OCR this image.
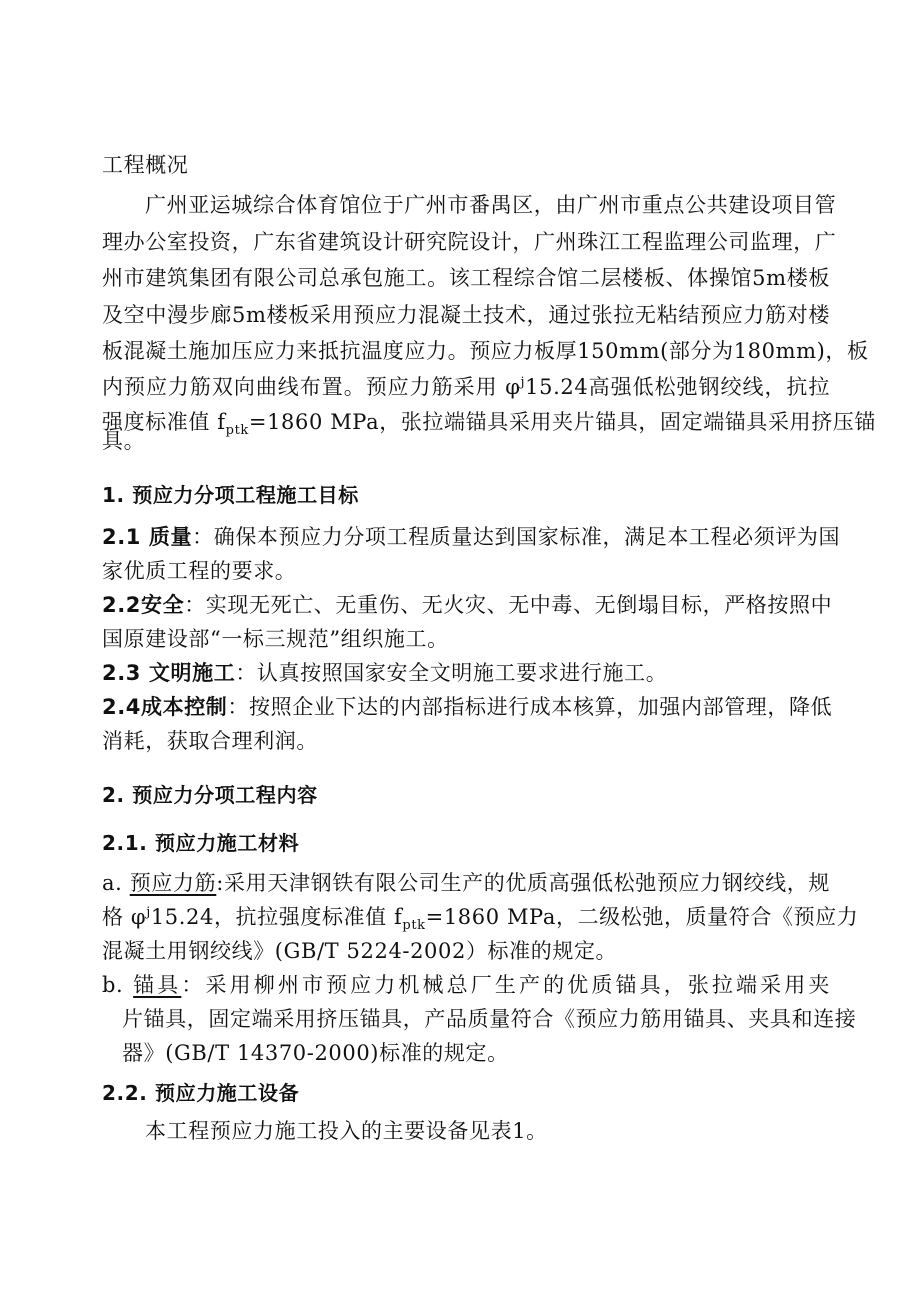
工程概况
广州亚运城综合体育馆位于广州市番禺区，由广州市重点公共建设项目管
理办公室投资，广东省建筑设计研究院设计，广州珠江工程监理公司监理，广
州市建筑集团有限公司总承包施工。该工程综合馆二层楼板、体操馆5m楼板
及空中漫步廊5m楼板采用预应力混凝土技术，通过张拉无粘结预应力筋对楼
板混凝土施加压应力来抵抗温度应力。预应力板厚150mm(部分为180mm)，板
内预应力筋双向曲线布置。预应力筋采用 $\varphi^j15.24$高强低松弛钢绞线，抗拉
强度标准值 $f_{ptk}=1860$ MPa，张拉端锚具采用夹片锚具，固定端锚具采用挤压锚
具。
1. 预应力分项工程施工目标
2.1 质量：确保本预应力分项工程质量达到国家标准，满足本工程必须评为国
家优质工程的要求。
2.2安全：实现无死亡、无重伤、无火灾、无中毒、无倒塌目标，严格按照中
国原建设部“一标三规范”组织施工。
2.3 文明施工：认真按照国家安全文明施工要求进行施工。
2.4成本控制：按照企业下达的内部指标进行成本核算，加强内部管理，降低
消耗，获取合理利润。
2. 预应力分项工程内容
2.1. 预应力施工材料
a. 预应力筋:采用天津钢铁有限公司生产的优质高强低松弛预应力钢绞线，规
格 $\varphi^j15.24$，抗拉强度标准值 $f_{ptk}=1860$ MPa，二级松弛，质量符合《预应力
混凝土用钢绞线》(GB/T 5224-2002）标准的规定。
b. 锚具：采用柳州市预应力机械总厂生产的优质锚具，张拉端采用夹
片锚具，固定端采用挤压锚具，产品质量符合《预应力筋用锚具、夹具和连接
器》(GB/T 14370-2000)标准的规定。
2.2. 预应力施工设备
本工程预应力施工投入的主要设备见表1。
